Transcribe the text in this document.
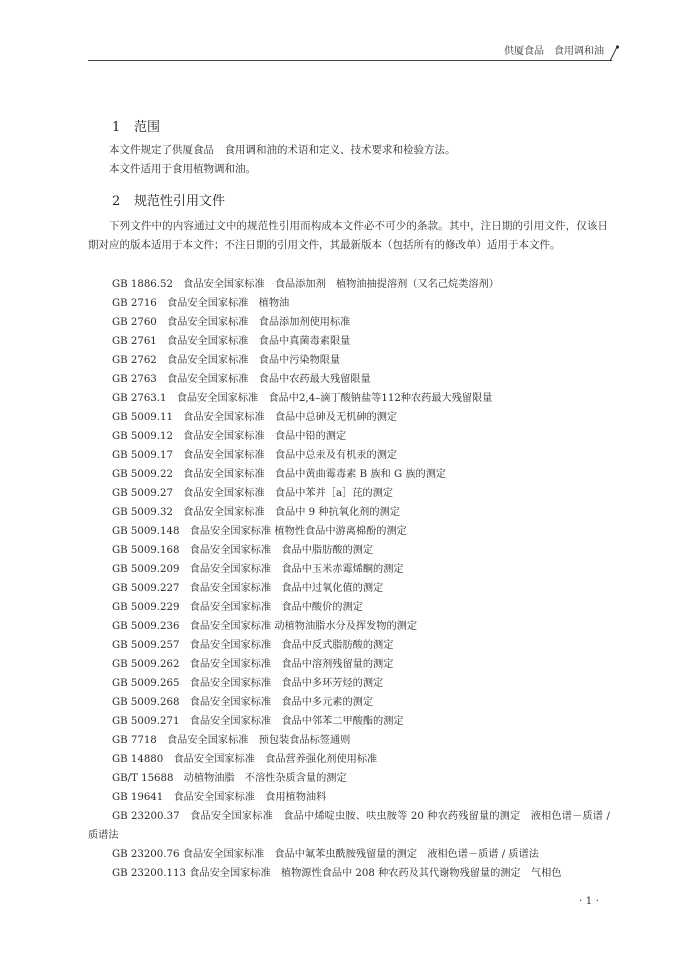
供厦食品　食用调和油
1 范围
本文件规定了供厦食品　食用调和油的术语和定义、技术要求和检验方法。
本文件适用于食用植物调和油。
2 规范性引用文件
下列文件中的内容通过文中的规范性引用而构成本文件必不可少的条款。其中，注日期的引用文件，仅该日期对应的版本适用于本文件；不注日期的引用文件，其最新版本（包括所有的修改单）适用于本文件。
GB 1886.52　食品安全国家标准　食品添加剂　植物油抽提溶剂（又名己烷类溶剂）
GB 2716　食品安全国家标准　植物油
GB 2760　食品安全国家标准　食品添加剂使用标准
GB 2761　食品安全国家标准　食品中真菌毒素限量
GB 2762　食品安全国家标准　食品中污染物限量
GB 2763　食品安全国家标准　食品中农药最大残留限量
GB 2763.1　食品安全国家标准　食品中2,4–滴丁酸钠盐等112种农药最大残留限量
GB 5009.11　食品安全国家标准　食品中总砷及无机砷的测定
GB 5009.12　食品安全国家标准　食品中铅的测定
GB 5009.17　食品安全国家标准　食品中总汞及有机汞的测定
GB 5009.22　食品安全国家标准　食品中黄曲霉毒素 B 族和 G 族的测定
GB 5009.27　食品安全国家标准　食品中苯并［a］芘的测定
GB 5009.32　食品安全国家标准　食品中 9 种抗氧化剂的测定
GB 5009.148　食品安全国家标准 植物性食品中游离棉酚的测定
GB 5009.168　食品安全国家标准　食品中脂肪酸的测定
GB 5009.209　食品安全国家标准　食品中玉米赤霉烯酮的测定
GB 5009.227　食品安全国家标准　食品中过氧化值的测定
GB 5009.229　食品安全国家标准　食品中酸价的测定
GB 5009.236　食品安全国家标准 动植物油脂水分及挥发物的测定
GB 5009.257　食品安全国家标准　食品中反式脂肪酸的测定
GB 5009.262　食品安全国家标准　食品中溶剂残留量的测定
GB 5009.265　食品安全国家标准　食品中多环芳烃的测定
GB 5009.268　食品安全国家标准　食品中多元素的测定
GB 5009.271　食品安全国家标准　食品中邻苯二甲酸酯的测定
GB 7718　食品安全国家标准　预包装食品标签通则
GB 14880　食品安全国家标准　食品营养强化剂使用标准
GB/T 15688　动植物油脂　不溶性杂质含量的测定
GB 19641　食品安全国家标准　食用植物油料
GB 23200.37　食品安全国家标准　食品中烯啶虫胺、呋虫胺等 20 种农药残留量的测定　液相色谱－质谱 / 质谱法
GB 23200.76 食品安全国家标准　食品中氟苯虫酰胺残留量的测定　液相色谱－质谱 / 质谱法
GB 23200.113 食品安全国家标准　植物源性食品中 208 种农药及其代谢物残留量的测定　气相色
· 1 ·
